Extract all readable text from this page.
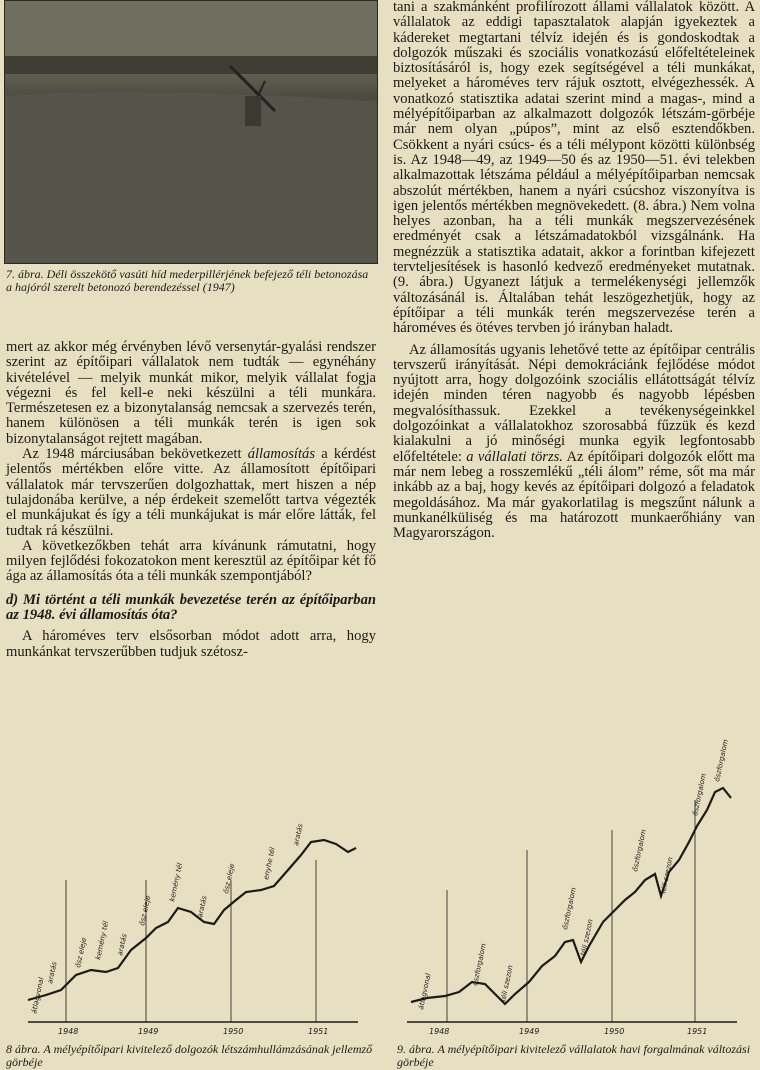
7. ábra. Déli összekötő vasúti híd mederpillérjének befejező téli betonozása a hajóról szerelt betonozó berendezéssel (1947)

mert az akkor még érvényben lévő versenytár-gyalási rendszer szerint az építőipari vállalatok nem tudták — egynéhány kivételével — melyik munkát mikor, melyik vállalat fogja végezni és fel kell-e neki készülni a téli munkára. Természetesen ez a bizonytalanság nemcsak a szervezés terén, hanem különösen a téli munkák terén is igen sok bizonytalanságot rejtett magában.

Az 1948 márciusában bekövetkezett államosítás a kérdést jelentős mértékben előre vitte. Az államosított építőipari vállalatok már tervszerűen dolgozhattak, mert hiszen a nép tulajdonába kerülve, a nép érdekeit szemelőtt tartva végezték el munkájukat és így a téli munkájukat is már előre látták, fel tudtak rá készülni.

A következőkben tehát arra kívánunk rámutatni, hogy milyen fejlődési fokozatokon ment keresztül az építőipar két fő ága az államosítás óta a téli munkák szempontjából?

d) Mi történt a téli munkák bevezetése terén az építőiparban az 1948. évi államosítás óta?

A hároméves terv elsősorban módot adott arra, hogy munkánkat tervszerűbben tudjuk szétosz-

tani a szakmánként profilírozott állami vállalatok között. A vállalatok az eddigi tapasztalatok alapján igyekeztek a kádereket megtartani télvíz idején és is gondoskodtak a dolgozók műszaki és szociális vonatkozású előfeltételeinek biztosításáról is, hogy ezek segítségével a téli munkákat, melyeket a hároméves terv rájuk osztott, elvégezhessék. A vonatkozó statisztika adatai szerint mind a magas-, mind a mélyépítőiparban az alkalmazott dolgozók létszám-görbéje már nem olyan „púpos”, mint az első esztendőkben. Csökkent a nyári csúcs- és a téli mélypont közötti különbség is. Az 1948—49, az 1949—50 és az 1950—51. évi telekben alkalmazottak létszáma például a mélyépítőiparban nemcsak abszolút mértékben, hanem a nyári csúcshoz viszonyítva is igen jelentős mértékben megnövekedett. (8. ábra.) Nem volna helyes azonban, ha a téli munkák megszervezésének eredményét csak a létszámadatokból vizsgálnánk. Ha megnézzük a statisztika adatait, akkor a forintban kifejezett tervteljesítések is hasonló kedvező eredményeket mutatnak. (9. ábra.) Ugyanezt látjuk a termelékenységi jellemzők változásánál is. Általában tehát leszögezhetjük, hogy az építőipar a téli munkák terén megszervezése terén a hároméves és ötéves tervben jó irányban haladt.

Az államosítás ugyanis lehetővé tette az építőipar centrális tervszerű irányítását. Népi demokráciánk fejlődése módot nyújtott arra, hogy dolgozóink szociális ellátottságát télvíz idején minden téren nagyobb és nagyobb lépésben megvalósíthassuk. Ezekkel a tevékenységeinkkel dolgozóinkat a vállalatokhoz szorosabbá fűzzük és kezd kialakulni a jó minőségi munka egyik legfontosabb előfeltétele: a vállalati törzs. Az építőipari dolgozók előtt ma már nem lebeg a rosszemlékű „téli álom” réme, sőt ma már inkább az a baj, hogy kevés az építőipari dolgozó a feladatok megoldásához. Ma már gyakorlatilag is megszűnt nálunk a munkanélküliség és ma határozott munkaerőhiány van Magyarországon.

1948	1949	1950	1951
átlagvonal
aratás
ősz eleje kemény tél aratás
ősz eleje
kemény tél
aratás
ősz eleje	enyhe tél
aratás
8 ábra. A mélyépítőipari kivitelező dolgozók létszámhullámzásának jellemző görbéje
1948	1949	1950	1951
átlagvonal
őszforgalom téli szezon
őszforgalom
téli szezon
őszforgalom
téli szezon
őszforgalom
őszforgalom
9. ábra. A mélyépítőipari kivitelező vállalatok havi forgalmának változási görbéje
